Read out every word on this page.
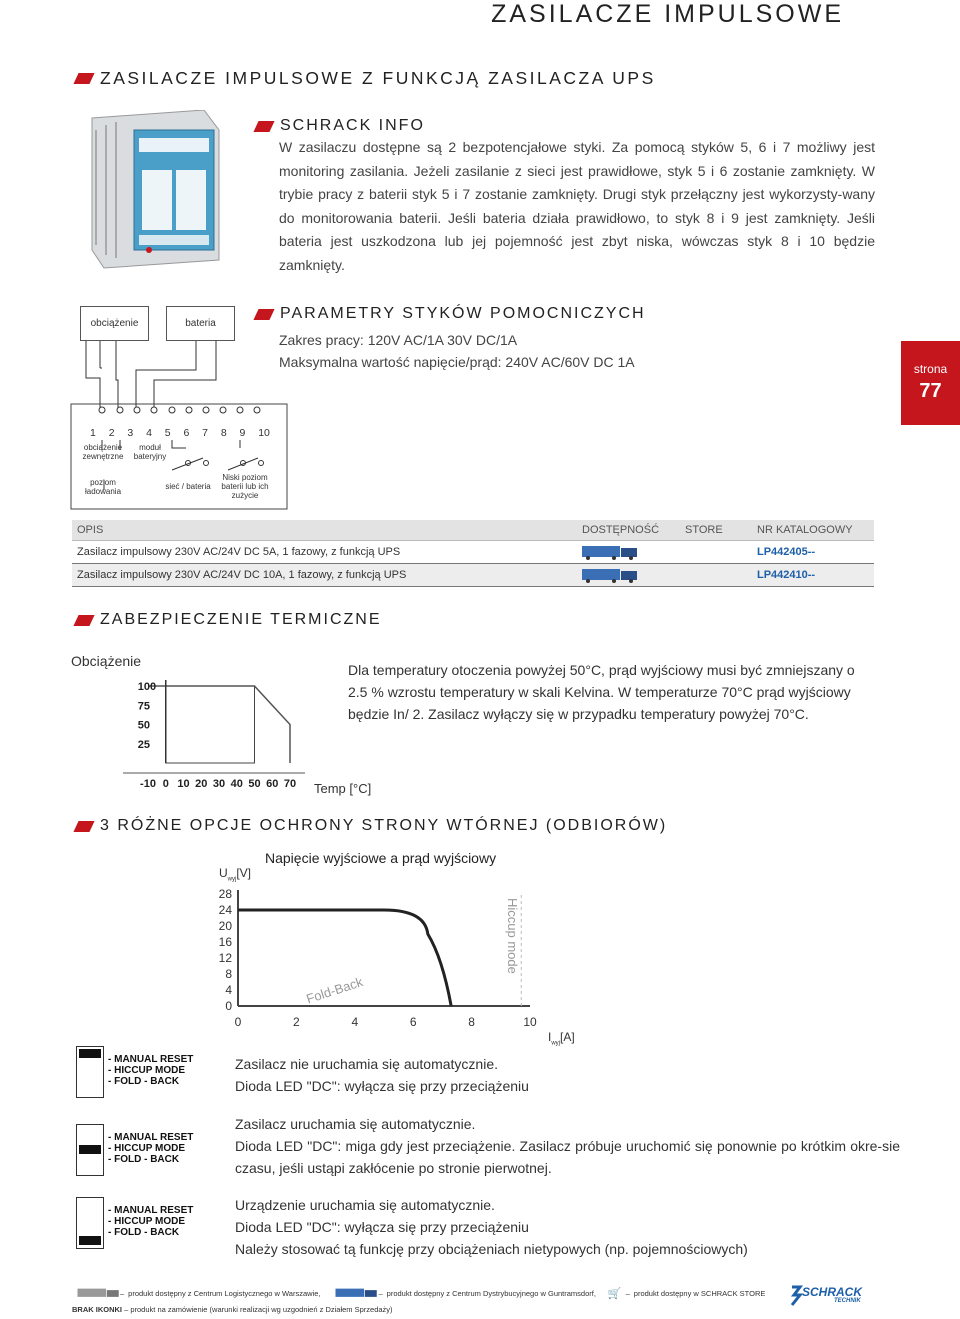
ZASILACZE IMPULSOWE
ZASILACZE IMPULSOWE Z FUNKCJĄ ZASILACZA UPS
SCHRACK INFO
W zasilaczu dostępne są 2 bezpotencjałowe styki. Za pomocą styków 5, 6 i 7 możliwy jest monitoring zasilania. Jeżeli zasilanie z sieci jest prawidłowe, styk 5 i 6 zostanie zamknięty. W trybie pracy z baterii styk 5 i 7 zostanie zamknięty. Drugi styk przełączny jest wykorzysty-wany do monitorowania baterii. Jeśli bateria działa prawidłowo, to styk 8 i 9 jest zamknięty. Jeśli bateria jest uszkodzona lub jej pojemność jest zbyt niska, wówczas styk 8 i 10 będzie zamknięty.
obciążenie	bateria
1 2 3 4 5 6 7 8 9 10
obciążenie zewnętrzne
moduł bateryjny
poziom ładowania
sieć / bateria
Niski poziom baterii lub ich zużycie
PARAMETRY STYKÓW POMOCNICZYCH
Zakres pracy: 120V AC/1A 30V DC/1A
Maksymalna wartość napięcie/prąd: 240V AC/60V DC 1A	strona
77
OPIS	DOSTĘPNOŚĆ	STORE	NR KATALOGOWY
Zasilacz impulsowy 230V AC/24V DC 5A, 1 fazowy, z funkcją UPS	LP442405--
Zasilacz impulsowy 230V AC/24V DC 10A, 1 fazowy, z funkcją UPS	LP442410--
ZABEZPIECZENIE TERMICZNE
Obciążenie
100
75
50
25
-10 0 10 20 30 40 50 60 70 Temp [°C]
Dla temperatury otoczenia powyżej 50°C, prąd wyjściowy musi być zmniejszany o 2.5 % wzrostu temperatury w skali Kelvina. W temperaturze 70°C prąd wyjściowy będzie In/ 2. Zasilacz wyłączy się w przypadku temperatury powyżej 70°C.
3 RÓŻNE OPCJE OCHRONY STRONY WTÓRNEJ (ODBIORÓW)
Napięcie wyjściowe a prąd wyjściowy
$U_{wyj}[V]$
28
24
20
16
12
8
4
0
0	2	4	6	8	10
Fold-Back
Hiccup mode
$I_{wyj}[A]$
- MANUAL RESET
- HICCUP MODE
- FOLD - BACK
- MANUAL RESET
- HICCUP MODE
- FOLD - BACK
- MANUAL RESET
- HICCUP MODE
- FOLD - BACK
Zasilacz nie uruchamia się automatycznie.
Dioda LED "DC": wyłącza się przy przeciążeniu
Zasilacz uruchamia się automatycznie.
Dioda LED "DC": miga gdy jest przeciążenie. Zasilacz próbuje uruchomić się ponownie po krótkim okre-sie czasu, jeśli ustąpi zakłócenie po stronie pierwotnej.
Urządzenie uruchamia się automatycznie.
Dioda LED "DC": wyłącza się przy przeciążeniu
Należy stosować tą funkcję przy obciążeniach nietypowych (np. pojemnościowych)
– produkt dostępny z Centrum Logistycznego w Warszawie,	– produkt dostępny z Centrum Dystrybucyjnego w Guntramsdorf, 🛒 – produkt dostępny w SCHRACK STORE
BRAK IKONKI – produkt na zamówienie (warunki realizacji wg uzgodnień z Działem Sprzedaży)
SCHRACK
TECHNIK
